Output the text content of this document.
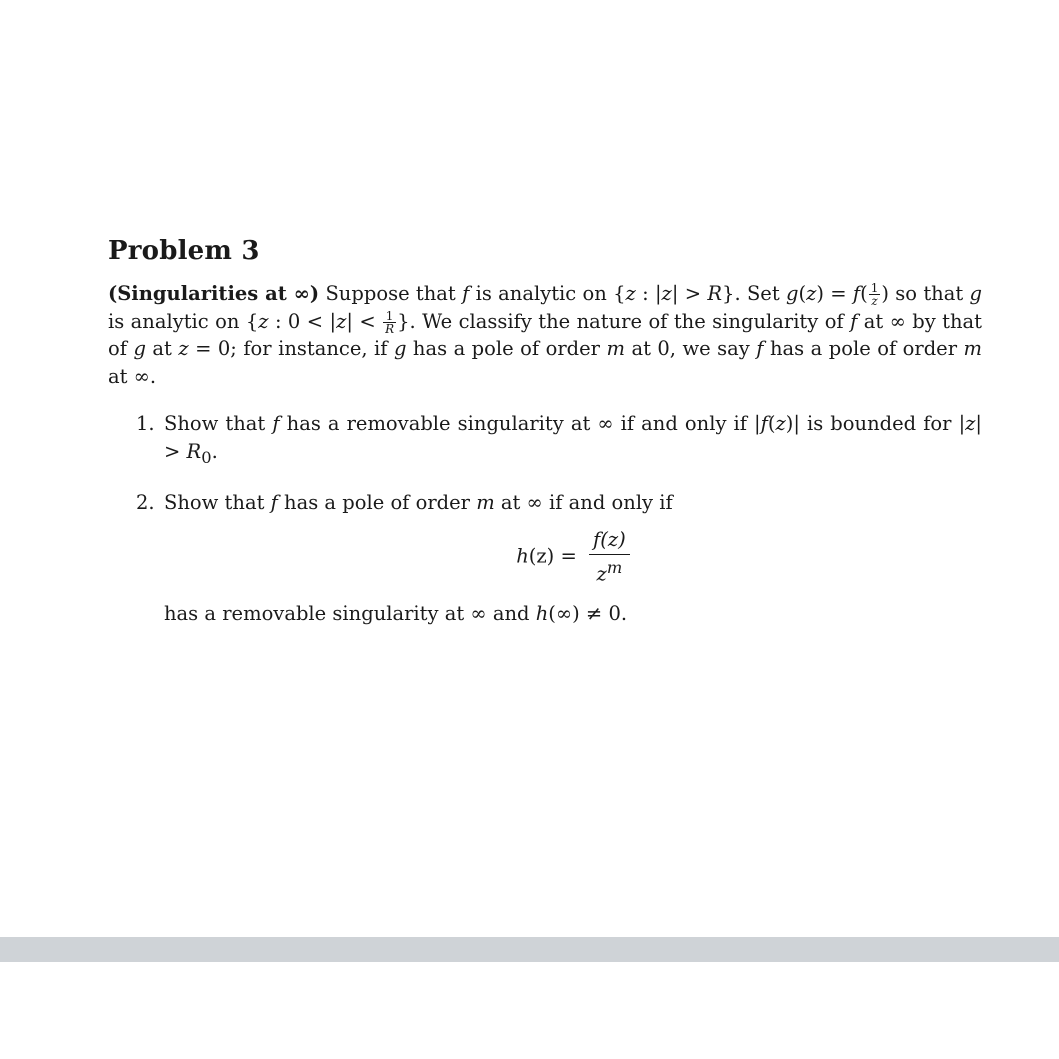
Problem 3

(Singularities at ∞) Suppose that f is analytic on {z : |z| > R}. Set $g(z) = f( \frac{1}{z}$ ) so that g is analytic on {z : $0 < |z| < \frac{1}{R}$ }. We classify the nature of the singularity of f at ∞ by that of g at z = 0; for instance, if g has a pole of order m at 0, we say f has a pole of order m at ∞.

1. Show that f has a removable singularity at ∞ if and only if |f(z)| is bounded for $|z| > R_0$.
2. Show that f has a pole of order m at ∞ if and only if
$h(z) = \frac{f(z)}{z^m}$
has a removable singularity at ∞ and h(∞) ≠ 0.
